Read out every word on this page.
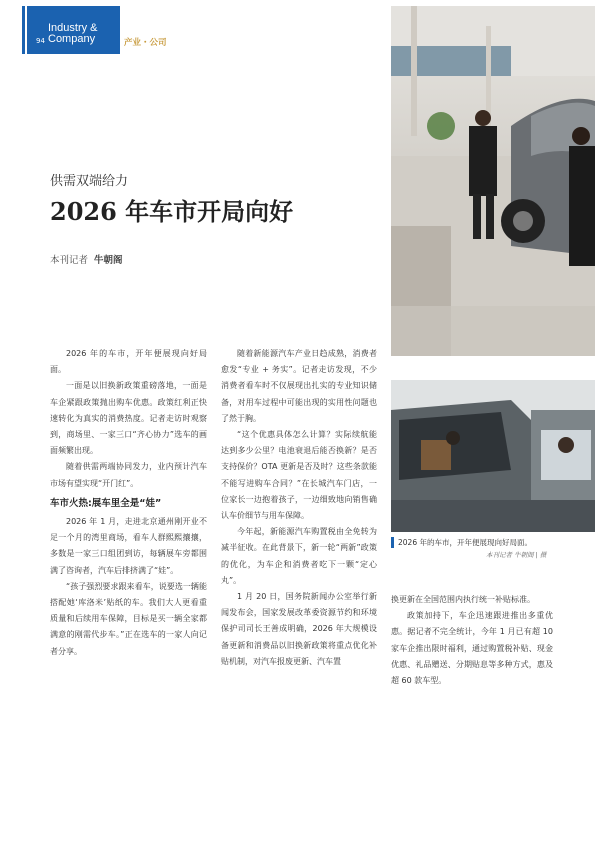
94
Industry &
Company	产业・公司
供需双端给力
2026 年车市开局向好
本刊记者 牛朝阁

2026 年的车市，开年便展现向好局面。

一面是以旧换新政策重磅落地，一面是车企紧跟政策抛出购车优惠。政策红利正快速转化为真实的消费热度。记者走访时观察到，商场里、一家三口“齐心协力”选车的画面频繁出现。

随着供需两端协同发力，业内预计汽车市场有望实现“开门红”。

车市火热:展车里全是“娃”

2026 年 1 月，走进北京通州刚开业不足一个月的湾里商场，看车人群熙熙攘攘，多数是一家三口组团到访，每辆展车旁都围满了咨询者，汽车后排挤满了“娃”。

“孩子强烈要求跟来看车，说要选一辆能搭配她‘库洛米’贴纸的车。我们大人更看重质量和后续用车保障，目标是买一辆全家都满意的刚需代步车。”正在选车的一家人向记者分享。

随着新能源汽车产业日趋成熟，消费者愈发“专业 + 务实”。记者走访发现，不少消费者看车时不仅展现出扎实的专业知识储备，对用车过程中可能出现的实用性问题也了然于胸。

“这个优惠具体怎么计算？实际续航能达到多少公里？电池衰退后能否换新？是否支持保价？OTA 更新是否及时？这些条款能不能写进购车合同？”在长城汽车门店，一位家长一边抱着孩子，一边细致地向销售确认车价细节与用车保障。

今年起，新能源汽车购置税由全免转为减半征收。在此背景下，新一轮“两新”政策的优化，为车企和消费者吃下一颗“定心丸”。

1 月 20 日，国务院新闻办公室举行新闻发布会，国家发展改革委资源节约和环境保护司司长王善成明确，2026 年大规模设备更新和消费品以旧换新政策将重点优化补贴机制，对汽车报废更新、汽车置

换更新在全国范围内执行统一补贴标准。

政策加持下，车企迅速跟进推出多重优惠。据记者不完全统计，今年 1 月已有超 10 家车企推出限时福利，通过购置税补贴、现金优惠、礼品赠送、分期贴息等多种方式，惠及超 60 款车型。

2026 年的车市，开年便展现向好局面。
本刊记者 牛朝阁 | 摄
